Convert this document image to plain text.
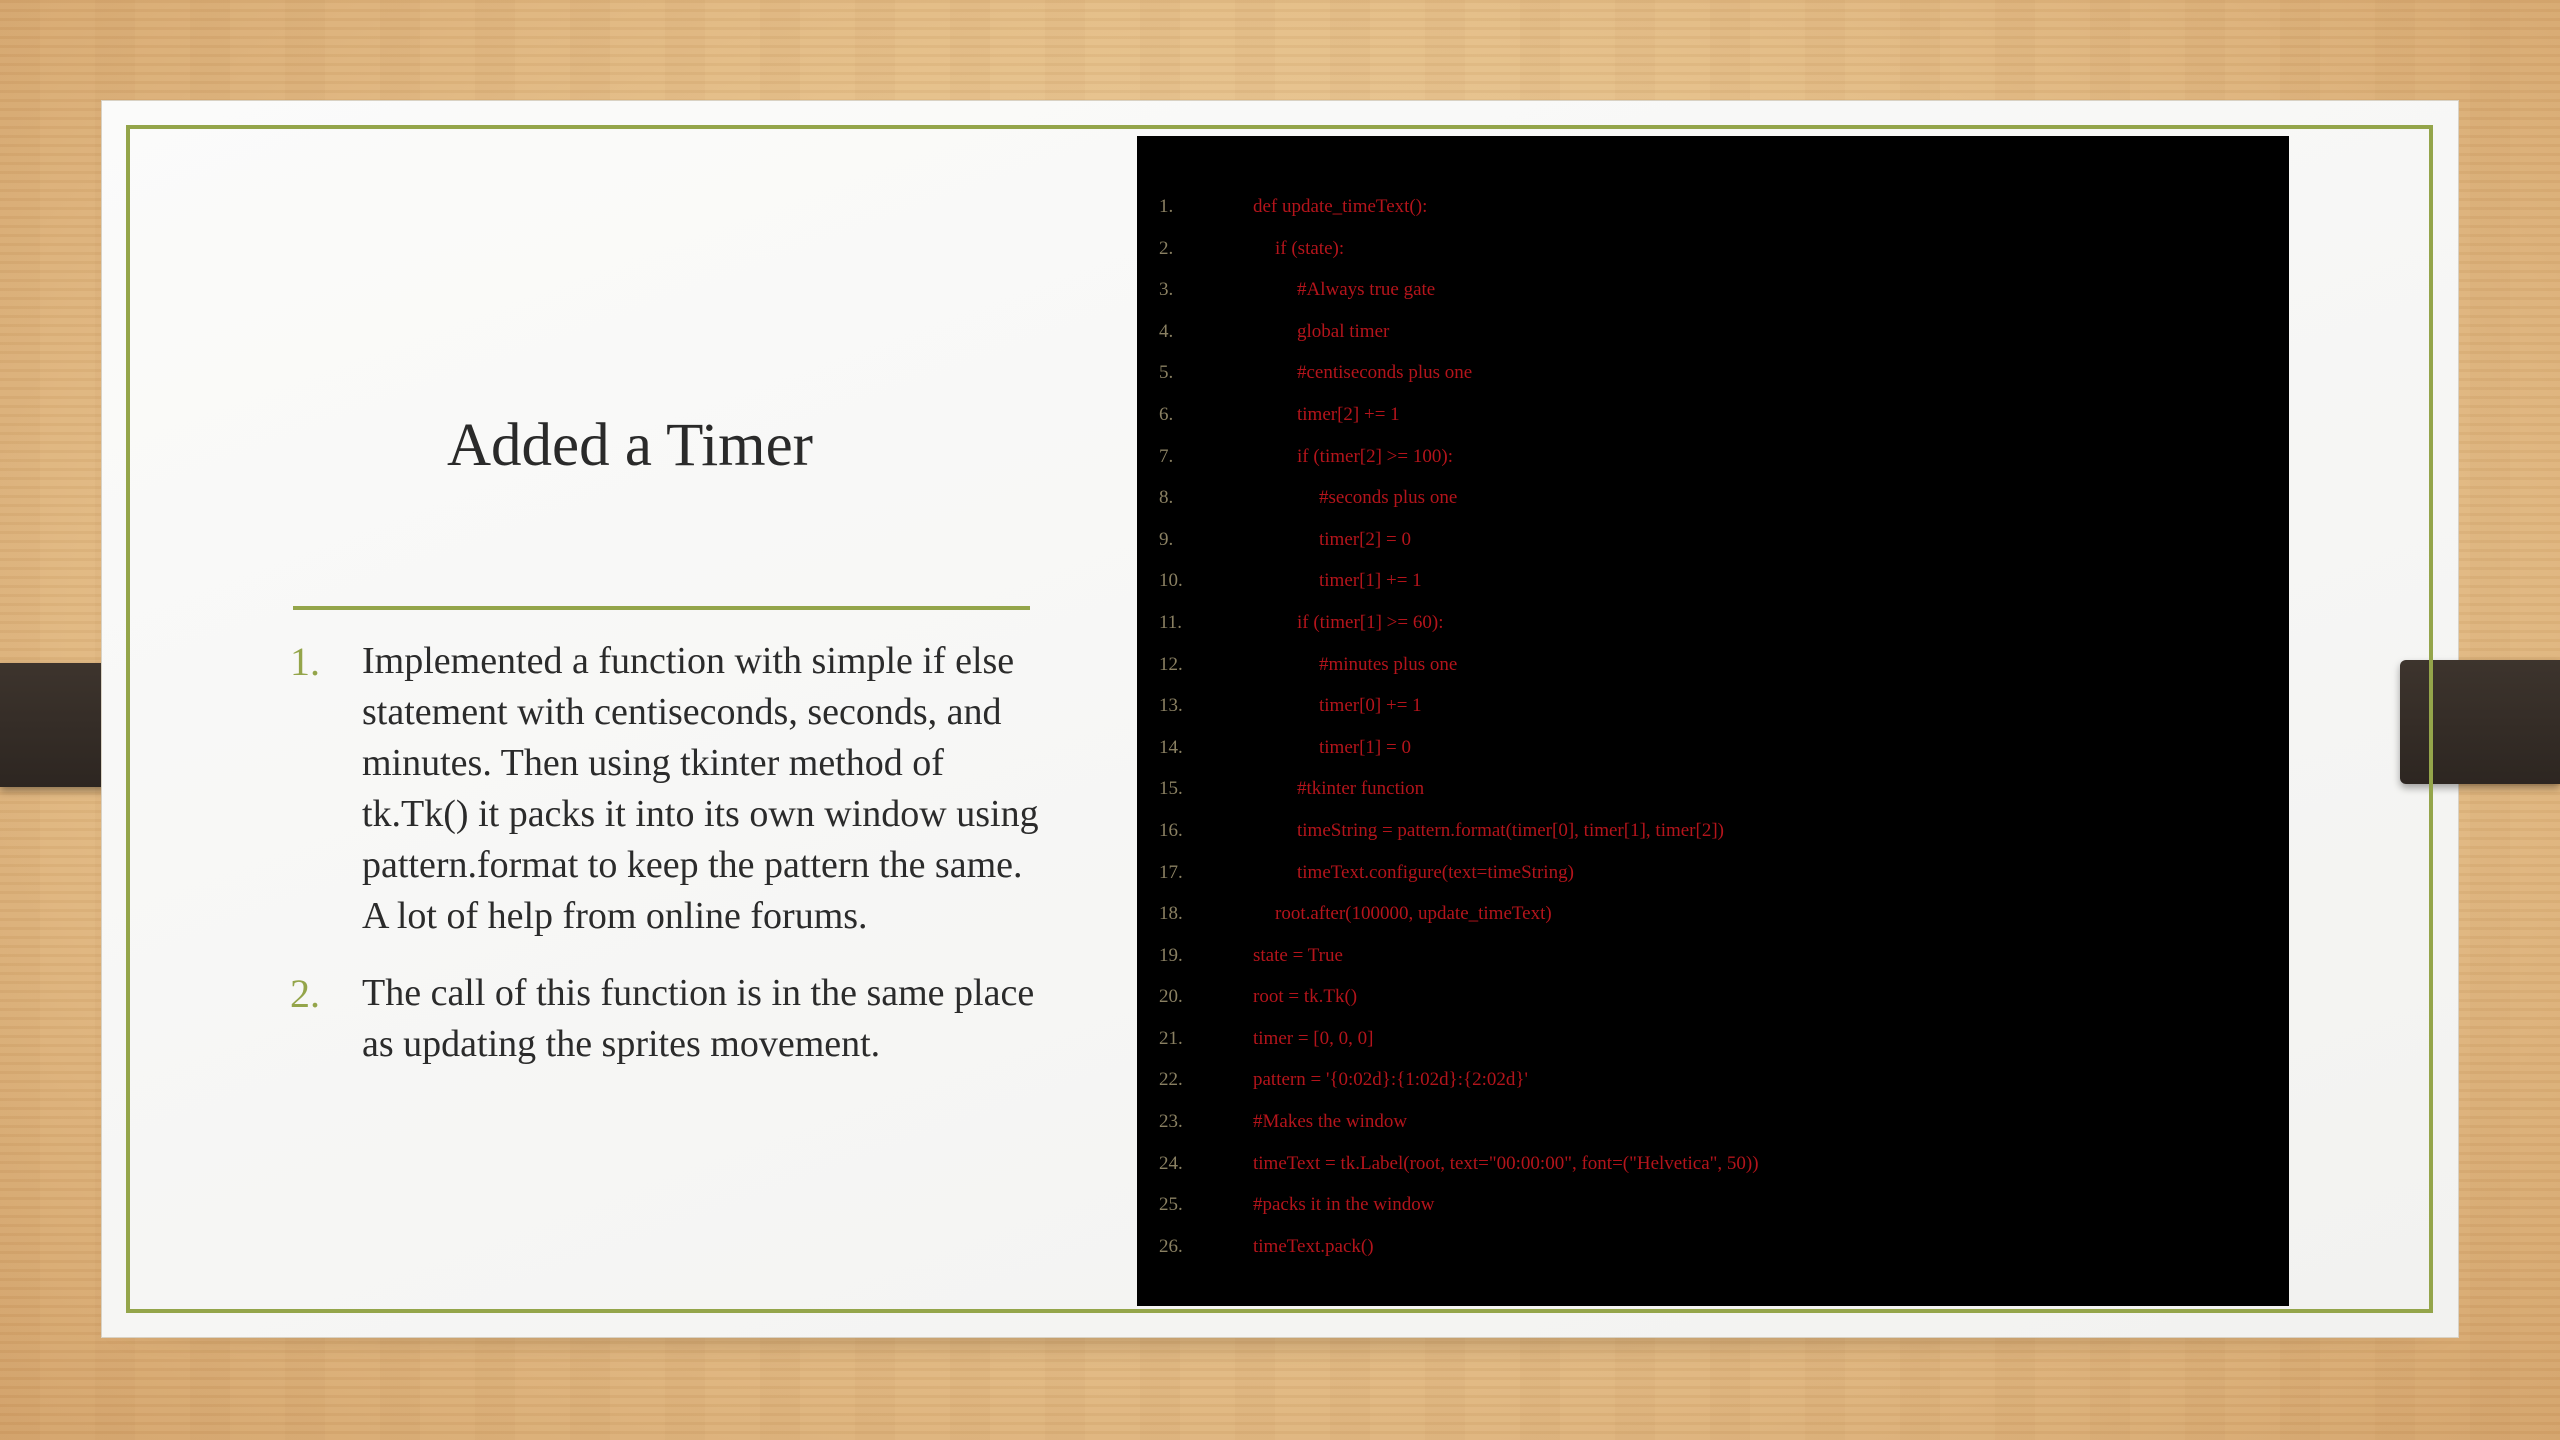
Added a Timer
1. Implemented a function with simple if else statement with centiseconds, seconds, and minutes. Then using tkinter method of tk.Tk() it packs it into its own window using pattern.format to keep the pattern the same. A lot of help from online forums.
2. The call of this function is in the same place as updating the sprites movement.
1.	def update_timeText():
2.	if (state):
3.	#Always true gate
4.	global timer
5.	#centiseconds plus one
6.	timer[2] += 1
7.	if (timer[2] >= 100):
8.	#seconds plus one
9.	timer[2] = 0
10.	timer[1] += 1
11.	if (timer[1] >= 60):
12.	#minutes plus one
13.	timer[0] += 1
14.	timer[1] = 0
15.	#tkinter function
16.	timeString = pattern.format(timer[0], timer[1], timer[2])
17.	timeText.configure(text=timeString)
18.	root.after(100000, update_timeText)
19.	state = True
20.	root = tk.Tk()
21.	timer = [0, 0, 0]
22.	pattern = '{0:02d}:{1:02d}:{2:02d}'
23.	#Makes the window
24.	timeText = tk.Label(root, text="00:00:00", font=("Helvetica", 50))
25.	#packs it in the window
26.	timeText.pack()
